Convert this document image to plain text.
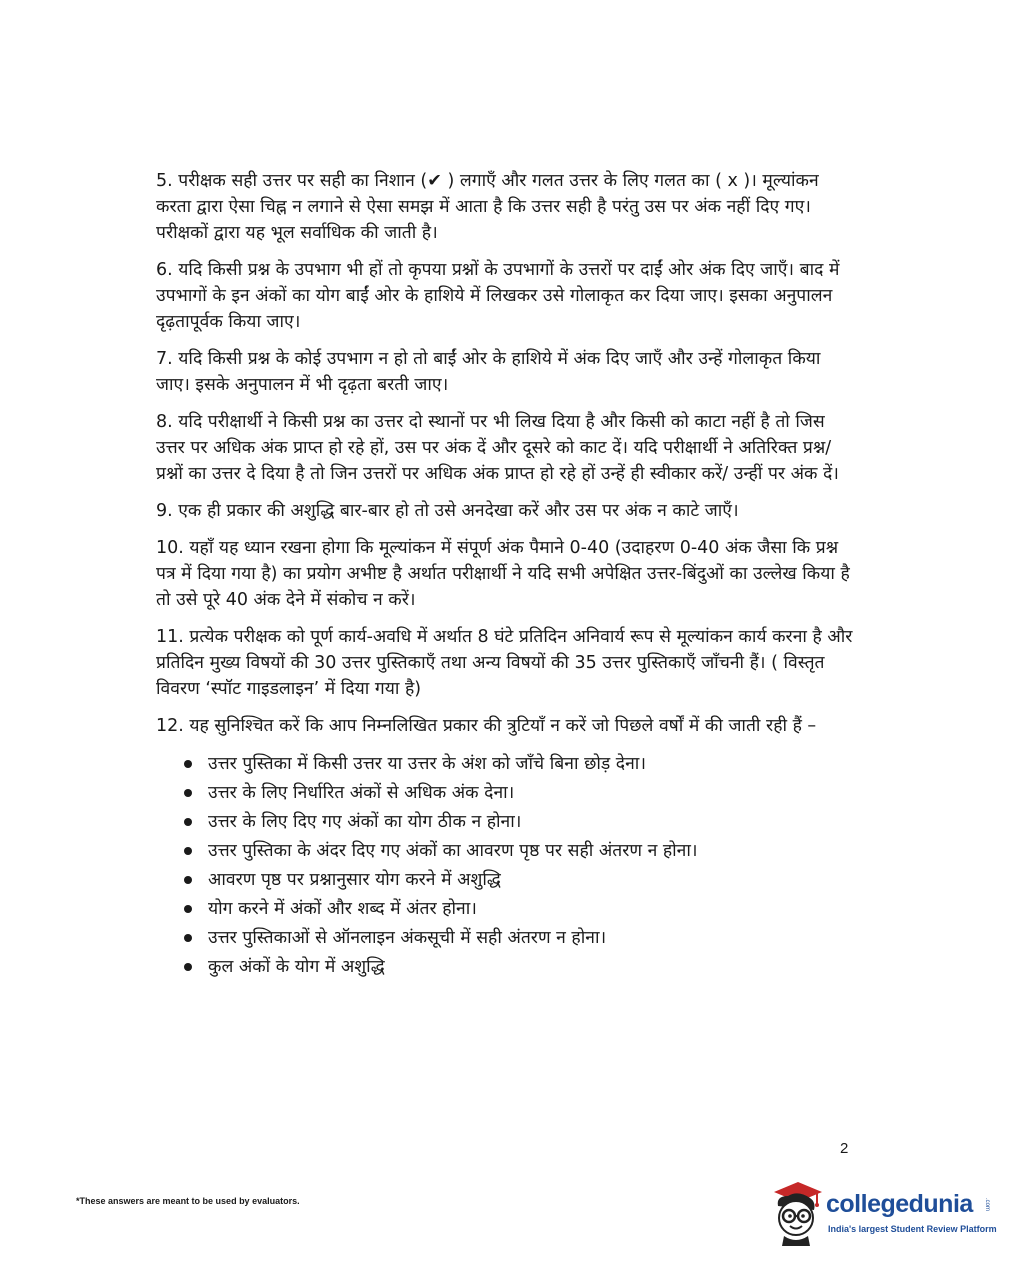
5. परीक्षक सही उत्तर पर सही का निशान (✔ ) लगाएँ और गलत उत्तर के लिए गलत का ( x )। मूल्यांकन करता द्वारा ऐसा चिह्न न लगाने से ऐसा समझ में आता है कि उत्तर सही है परंतु उस पर अंक नहीं दिए गए। परीक्षकों द्वारा यह भूल सर्वाधिक की जाती है।

6. यदि किसी प्रश्न के उपभाग भी हों तो कृपया प्रश्नों के उपभागों के उत्तरों पर दाईं ओर अंक दिए जाएँ। बाद में उपभागों के इन अंकों का योग बाईं ओर के हाशिये में लिखकर उसे गोलाकृत कर दिया जाए। इसका अनुपालन दृढ़तापूर्वक किया जाए।

7. यदि किसी प्रश्न के कोई उपभाग न हो तो बाईं ओर के हाशिये में अंक दिए जाएँ और उन्हें गोलाकृत किया जाए। इसके अनुपालन में भी दृढ़ता बरती जाए।

8. यदि परीक्षार्थी ने किसी प्रश्न का उत्तर दो स्थानों पर भी लिख दिया है और किसी को काटा नहीं है तो जिस उत्तर पर अधिक अंक प्राप्त हो रहे हों, उस पर अंक दें और दूसरे को काट दें। यदि परीक्षार्थी ने अतिरिक्त प्रश्न/प्रश्नों का उत्तर दे दिया है तो जिन उत्तरों पर अधिक अंक प्राप्त हो रहे हों उन्हें ही स्वीकार करें/ उन्हीं पर अंक दें।

9. एक ही प्रकार की अशुद्धि बार-बार हो तो उसे अनदेखा करें और उस पर अंक न काटे जाएँ।

10. यहाँ यह ध्यान रखना होगा कि मूल्यांकन में संपूर्ण अंक पैमाने 0-40 (उदाहरण 0-40 अंक जैसा कि प्रश्न पत्र में दिया गया है) का प्रयोग अभीष्ट है अर्थात परीक्षार्थी ने यदि सभी अपेक्षित उत्तर-बिंदुओं का उल्लेख किया है तो उसे पूरे 40 अंक देने में संकोच न करें।

11. प्रत्येक परीक्षक को पूर्ण कार्य-अवधि में अर्थात 8 घंटे प्रतिदिन अनिवार्य रूप से मूल्यांकन कार्य करना है और प्रतिदिन मुख्य विषयों की 30 उत्तर पुस्तिकाएँ तथा अन्य विषयों की 35 उत्तर पुस्तिकाएँ जाँचनी हैं। ( विस्तृत विवरण ‘स्पॉट गाइडलाइन’ में दिया गया है)

12. यह सुनिश्चित करें कि आप निम्नलिखित प्रकार की त्रुटियाँ न करें जो पिछले वर्षों में की जाती रही हैं –

उत्तर पुस्तिका में किसी उत्तर या उत्तर के अंश को जाँचे बिना छोड़ देना।
उत्तर के लिए निर्धारित अंकों से अधिक अंक देना।
उत्तर के लिए दिए गए अंकों का योग ठीक न होना।
उत्तर पुस्तिका के अंदर दिए गए अंकों का आवरण पृष्ठ पर सही अंतरण न होना।
आवरण पृष्ठ पर प्रश्नानुसार योग करने में अशुद्धि
योग करने में अंकों और शब्द में अंतर होना।
उत्तर पुस्तिकाओं से ऑनलाइन अंकसूची में सही अंतरण न होना।
कुल अंकों के योग में अशुद्धि
2
*These answers are meant to be used by evaluators.	collegedunia .com
India's largest Student Review Platform
